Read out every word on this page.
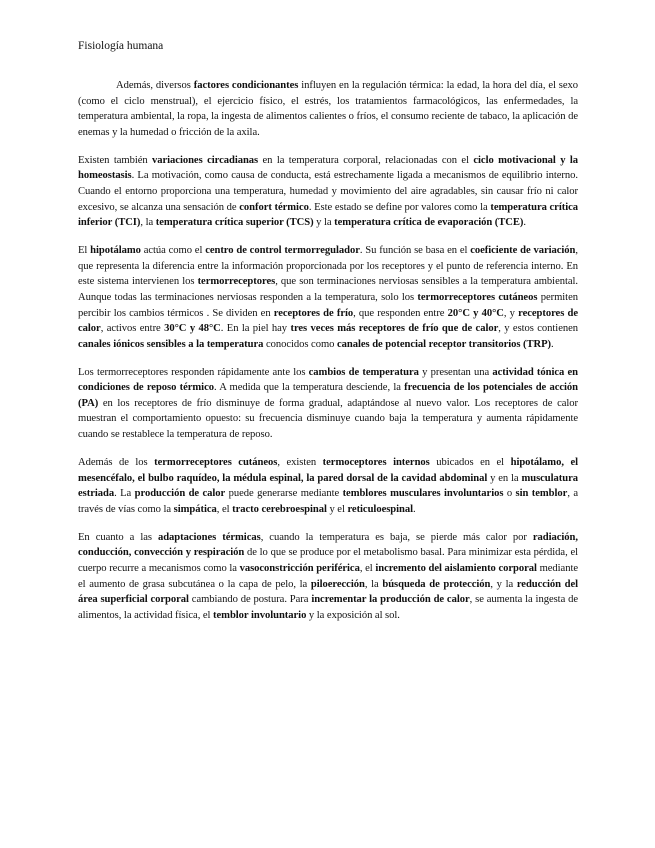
Fisiología humana

Además, diversos factores condicionantes influyen en la regulación térmica: la edad, la hora del día, el sexo (como el ciclo menstrual), el ejercicio físico, el estrés, los tratamientos farmacológicos, las enfermedades, la temperatura ambiental, la ropa, la ingesta de alimentos calientes o fríos, el consumo reciente de tabaco, la aplicación de enemas y la humedad o fricción de la axila.

Existen también variaciones circadianas en la temperatura corporal, relacionadas con el ciclo motivacional y la homeostasis. La motivación, como causa de conducta, está estrechamente ligada a mecanismos de equilibrio interno. Cuando el entorno proporciona una temperatura, humedad y movimiento del aire agradables, sin causar frío ni calor excesivo, se alcanza una sensación de confort térmico. Este estado se define por valores como la temperatura crítica inferior (TCI), la temperatura crítica superior (TCS) y la temperatura crítica de evaporación (TCE).

El hipotálamo actúa como el centro de control termorregulador. Su función se basa en el coeficiente de variación, que representa la diferencia entre la información proporcionada por los receptores y el punto de referencia interno. En este sistema intervienen los termorreceptores, que son terminaciones nerviosas sensibles a la temperatura ambiental. Aunque todas las terminaciones nerviosas responden a la temperatura, solo los termorreceptores cutáneos permiten percibir los cambios térmicos . Se dividen en receptores de frío, que responden entre 20°C y 40°C, y receptores de calor, activos entre 30°C y 48°C. En la piel hay tres veces más receptores de frío que de calor, y estos contienen canales iónicos sensibles a la temperatura conocidos como canales de potencial receptor transitorios (TRP).

Los termorreceptores responden rápidamente ante los cambios de temperatura y presentan una actividad tónica en condiciones de reposo térmico. A medida que la temperatura desciende, la frecuencia de los potenciales de acción (PA) en los receptores de frío disminuye de forma gradual, adaptándose al nuevo valor. Los receptores de calor muestran el comportamiento opuesto: su frecuencia disminuye cuando baja la temperatura y aumenta rápidamente cuando se restablece la temperatura de reposo.

Además de los termorreceptores cutáneos, existen termoceptores internos ubicados en el hipotálamo, el mesencéfalo, el bulbo raquídeo, la médula espinal, la pared dorsal de la cavidad abdominal y en la musculatura estriada. La producción de calor puede generarse mediante temblores musculares involuntarios o sin temblor, a través de vías como la simpática, el tracto cerebroespinal y el reticuloespinal.

En cuanto a las adaptaciones térmicas, cuando la temperatura es baja, se pierde más calor por radiación, conducción, convección y respiración de lo que se produce por el metabolismo basal. Para minimizar esta pérdida, el cuerpo recurre a mecanismos como la vasoconstricción periférica, el incremento del aislamiento corporal mediante el aumento de grasa subcutánea o la capa de pelo, la piloerección, la búsqueda de protección, y la reducción del área superficial corporal cambiando de postura. Para incrementar la producción de calor, se aumenta la ingesta de alimentos, la actividad física, el temblor involuntario y la exposición al sol.
